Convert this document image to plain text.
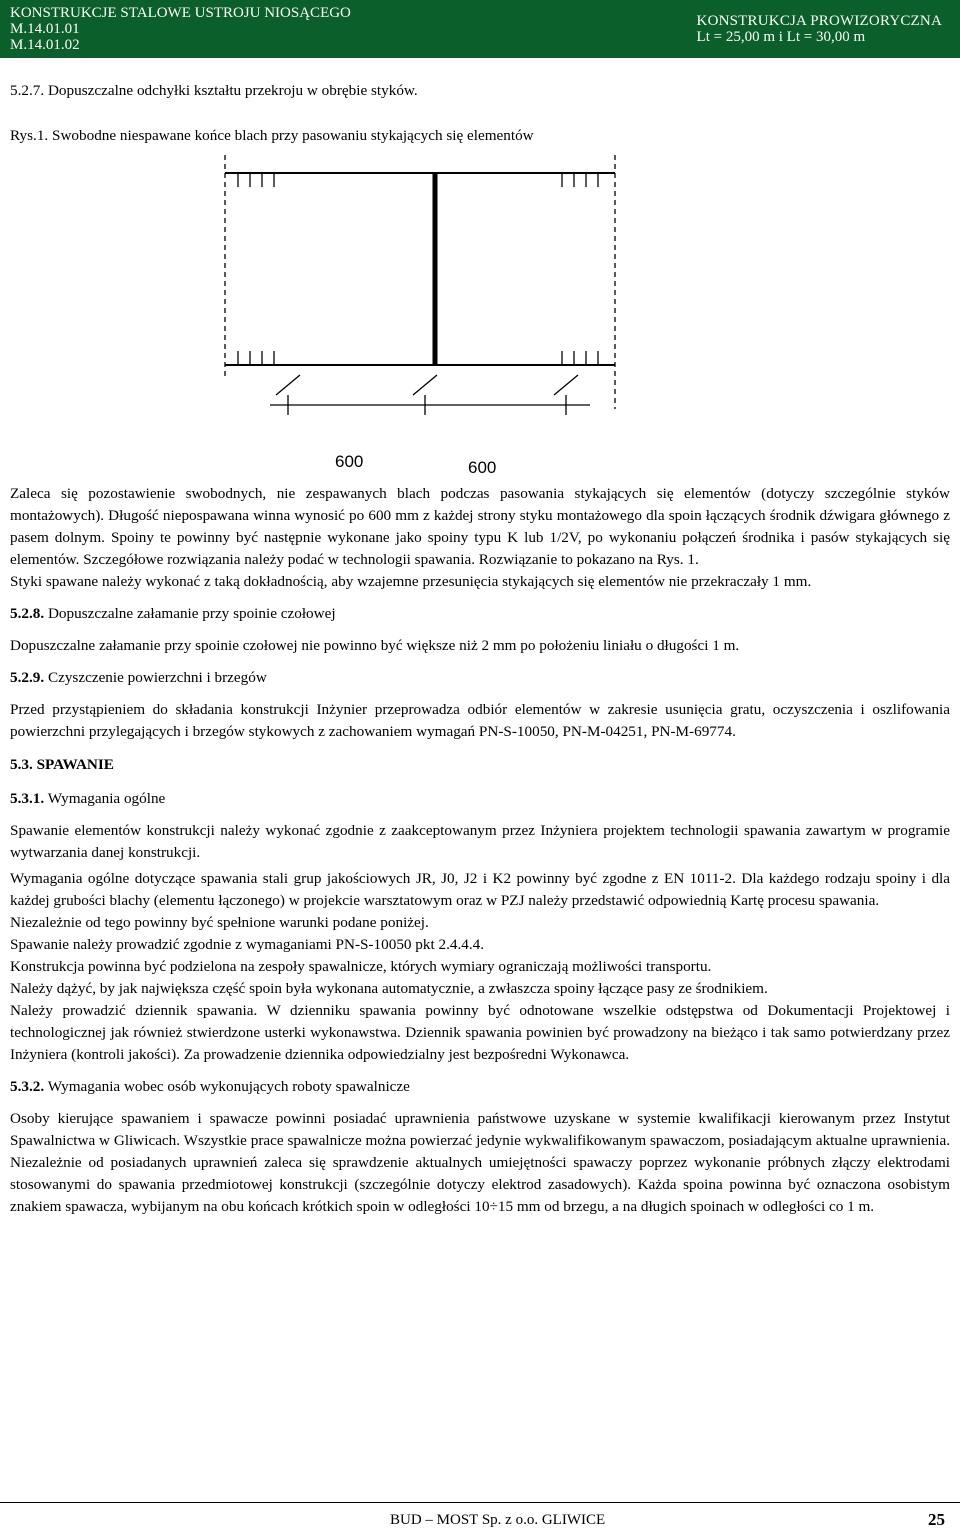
KONSTRUKCJE STALOWE USTROJU NIOSĄCEGO
M.14.01.01
M.14.01.02
KONSTRUKCJA PROWIZORYCZNA
Lt = 25,00 m i Lt = 30,00 m

5.2.7. Dopuszczalne odchyłki kształtu przekroju w obrębie styków.

Rys.1. Swobodne niespawane końce blach przy pasowaniu stykających się elementów

600	600

Zaleca się pozostawienie swobodnych, nie zespawanych blach podczas pasowania stykających się elementów (dotyczy szczególnie styków montażowych). Długość niepospawana winna wynosić po 600 mm z każdej strony styku montażowego dla spoin łączących środnik dźwigara głównego z pasem dolnym. Spoiny te powinny być następnie wykonane jako spoiny typu K lub 1/2V, po wykonaniu połączeń środnika i pasów stykających się elementów. Szczegółowe rozwiązania należy podać w technologii spawania. Rozwiązanie to pokazano na Rys. 1.

Styki spawane należy wykonać z taką dokładnością, aby wzajemne przesunięcia stykających się elementów nie przekraczały 1 mm.

5.2.8. Dopuszczalne załamanie przy spoinie czołowej

Dopuszczalne załamanie przy spoinie czołowej nie powinno być większe niż 2 mm po położeniu liniału o długości 1 m.

5.2.9. Czyszczenie powierzchni i brzegów

Przed przystąpieniem do składania konstrukcji Inżynier przeprowadza odbiór elementów w zakresie usunięcia gratu, oczyszczenia i oszlifowania powierzchni przylegających i brzegów stykowych z zachowaniem wymagań PN-S-10050, PN-M-04251, PN-M-69774.

5.3. SPAWANIE

5.3.1. Wymagania ogólne

Spawanie elementów konstrukcji należy wykonać zgodnie z zaakceptowanym przez Inżyniera projektem technologii spawania zawartym w programie wytwarzania danej konstrukcji.

Wymagania ogólne dotyczące spawania stali grup jakościowych JR, J0, J2 i K2 powinny być zgodne z EN 1011-2. Dla każdego rodzaju spoiny i dla każdej grubości blachy (elementu łączonego) w projekcie warsztatowym oraz w PZJ należy przedstawić odpowiednią Kartę procesu spawania.

Niezależnie od tego powinny być spełnione warunki podane poniżej.

Spawanie należy prowadzić zgodnie z wymaganiami PN-S-10050 pkt 2.4.4.4.

Konstrukcja powinna być podzielona na zespoły spawalnicze, których wymiary ograniczają możliwości transportu.

Należy dążyć, by jak największa część spoin była wykonana automatycznie, a zwłaszcza spoiny łączące pasy ze środnikiem.

Należy prowadzić dziennik spawania. W dzienniku spawania powinny być odnotowane wszelkie odstępstwa od Dokumentacji Projektowej i technologicznej jak również stwierdzone usterki wykonawstwa. Dziennik spawania powinien być prowadzony na bieżąco i tak samo potwierdzany przez Inżyniera (kontroli jakości). Za prowadzenie dziennika odpowiedzialny jest bezpośredni Wykonawca.

5.3.2. Wymagania wobec osób wykonujących roboty spawalnicze

Osoby kierujące spawaniem i spawacze powinni posiadać uprawnienia państwowe uzyskane w systemie kwalifikacji kierowanym przez Instytut Spawalnictwa w Gliwicach. Wszystkie prace spawalnicze można powierzać jedynie wykwalifikowanym spawaczom, posiadającym aktualne uprawnienia. Niezależnie od posiadanych uprawnień zaleca się sprawdzenie aktualnych umiejętności spawaczy poprzez wykonanie próbnych złączy elektrodami stosowanymi do spawania przedmiotowej konstrukcji (szczególnie dotyczy elektrod zasadowych). Każda spoina powinna być oznaczona osobistym znakiem spawacza, wybijanym na obu końcach krótkich spoin w odległości 10÷15 mm od brzegu, a na długich spoinach w odległości co 1 m.

BUD – MOST Sp. z o.o. GLIWICE	25
